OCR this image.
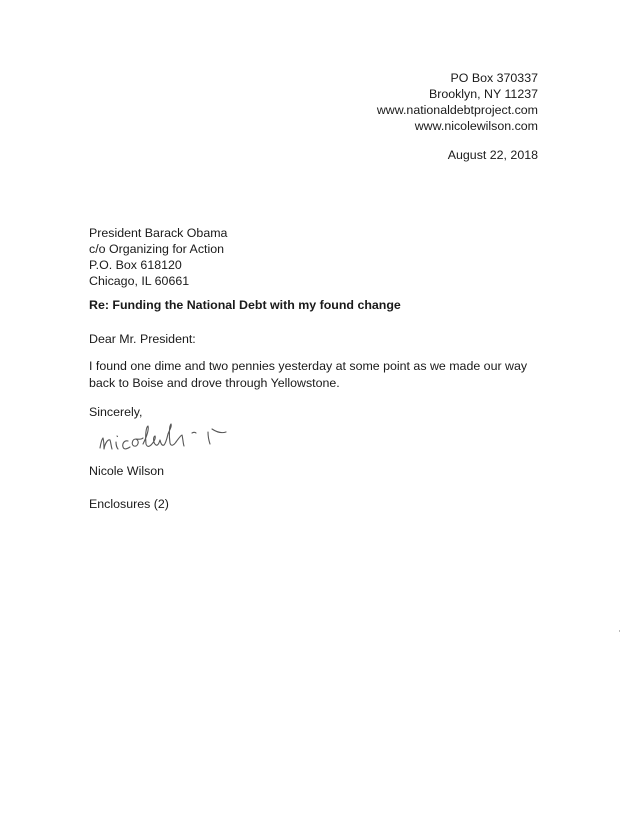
PO Box 370337
Brooklyn, NY 11237
www.nationaldebtproject.com
www.nicolewilson.com
August 22, 2018
President Barack Obama
c/o Organizing for Action
P.O. Box 618120
Chicago, IL 60661
Re: Funding the National Debt with my found change
Dear Mr. President:
I found one dime and two pennies yesterday at some point as we made our way
back to Boise and drove through Yellowstone.
Sincerely,
Nicole Wilson
Enclosures (2)
